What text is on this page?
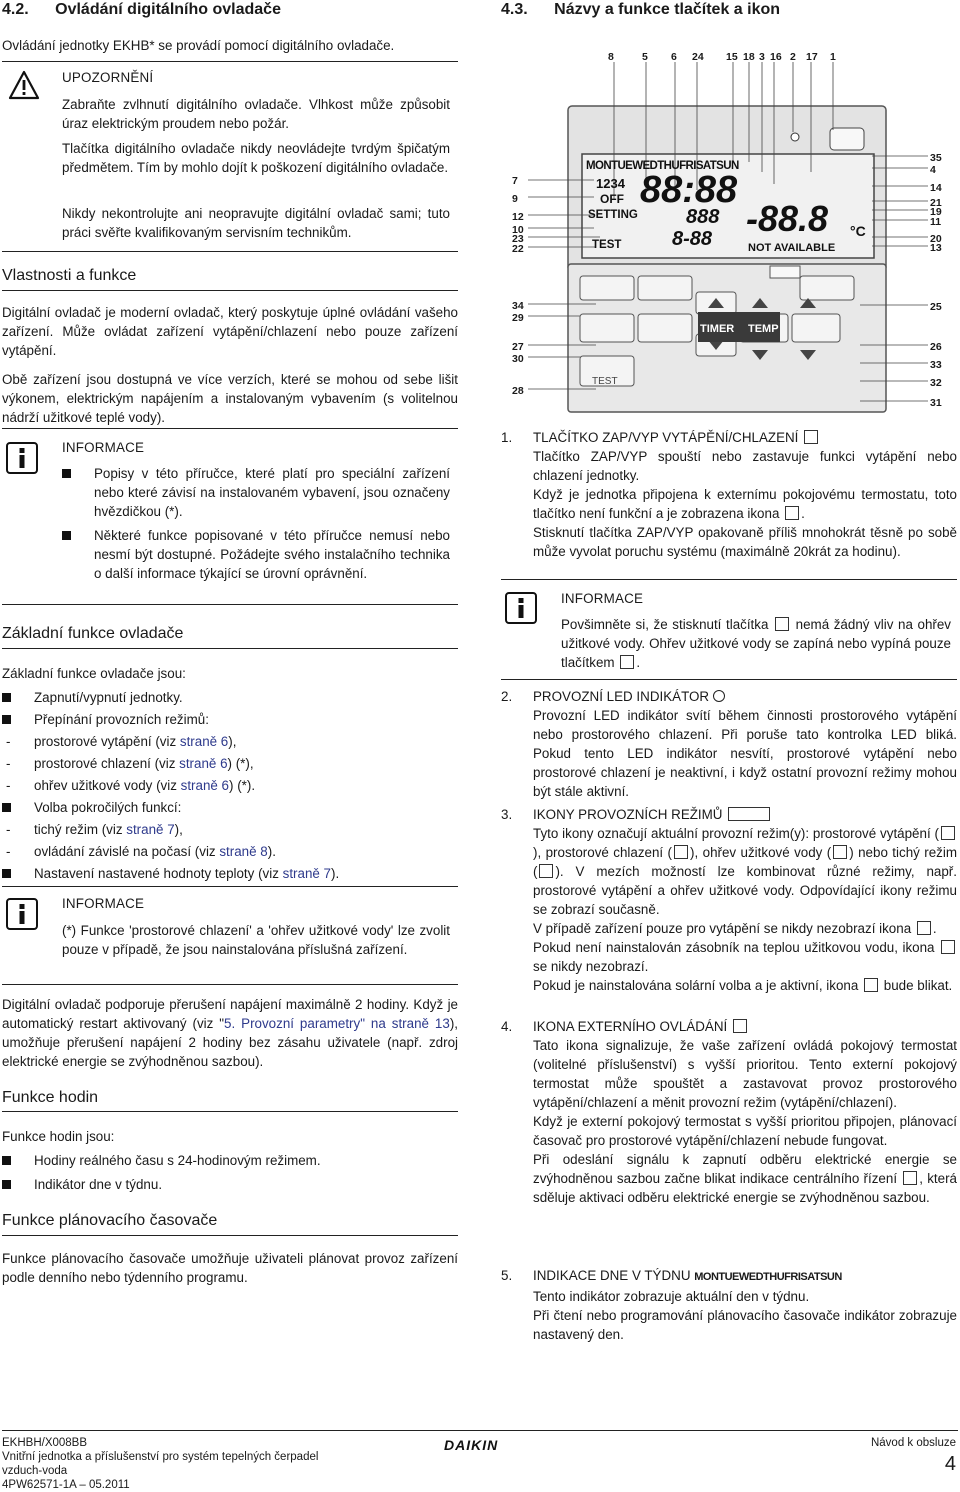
4.2. Ovládání digitálního ovladače

Ovládání jednotky EKHB* se provádí pomocí digitálního ovladače.

UPOZORNĚNÍ

Zabraňte zvlhnutí digitálního ovladače. Vlhkost může způsobit úraz elektrickým proudem nebo požár.

Tlačítka digitálního ovladače nikdy neovládejte tvrdým špičatým předmětem. Tím by mohlo dojít k poškození digitálního ovladače.

Nikdy nekontrolujte ani neopravujte digitální ovladač sami; tuto práci svěřte kvalifikovaným servisním technikům.

Vlastnosti a funkce

Digitální ovladač je moderní ovladač, který poskytuje úplné ovládání vašeho zařízení. Může ovládat zařízení vytápění/chlazení nebo pouze zařízení vytápění.

Obě zařízení jsou dostupná ve více verzích, které se mohou od sebe lišit výkonem, elektrickým napájením a instalovaným vybavením (s volitelnou nádrží užitkové teplé vody).

INFORMACE

Popisy v této příručce, které platí pro speciální zařízení nebo které závisí na instalovaném vybavení, jsou označeny hvězdičkou (*).
Některé funkce popisované v této příručce nemusí nebo nesmí být dostupné. Požádejte svého instalačního technika o další informace týkající se úrovní oprávnění.

Základní funkce ovladače

Základní funkce ovladače jsou:

Zapnutí/vypnutí jednotky.
Přepínání provozních režimů:
- prostorové vytápění (viz straně 6),
- prostorové chlazení (viz straně 6) (*),
- ohřev užitkové vody (viz straně 6) (*).
Volba pokročilých funkcí:
- tichý režim (viz straně 7),
- ovládání závislé na počasí (viz straně 8).
Nastavení nastavené hodnoty teploty (viz straně 7).

INFORMACE

(*) Funkce 'prostorové chlazení' a 'ohřev užitkové vody' lze zvolit pouze v případě, že jsou nainstalována příslušná zařízení.

Digitální ovladač podporuje přerušení napájení maximálně 2 hodiny. Když je automatický restart aktivovaný (viz "5. Provozní parametry" na straně 13), umožňuje přerušení napájení 2 hodiny bez zásahu uživatele (např. zdroj elektrické energie se zvýhodněnou sazbou).

Funkce hodin

Funkce hodin jsou:

Hodiny reálného času s 24-hodinovým režimem.
Indikátor dne v týdnu.

Funkce plánovacího časovače

Funkce plánovacího časovače umožňuje uživateli plánovat provoz zařízení podle denního nebo týdenního programu.

4.3. Názvy a funkce tlačítek a ikon
MONTUEWEDTHUFRISATSUN
1234
OFF
SETTING
TEST
88:88
888
8-88 -88.8 °C
NOT AVAILABLE
TIMER TEMP
TEST
8	5 6 24 15 18 3 16 2 17 1
7
9
12
10
23
22
35
4
14
21
19
11
20
13
34
29
27
30
28
25
26
33
32
31
1. TLAČÍTKO ZAP/VYP VYTÁPĚNÍ/CHLAZENÍ

Tlačítko ZAP/VYP spouští nebo zastavuje funkci vytápění nebo chlazení jednotky.

Když je jednotka připojena k externímu pokojovému termostatu, toto tlačítko není funkční a je zobrazena ikona .

Stisknutí tlačítka ZAP/VYP opakovaně příliš mnohokrát těsně po sobě může vyvolat poruchu systému (maximálně 20krát za hodinu).

INFORMACE

Povšimněte si, že stisknutí tlačítka nemá žádný vliv na ohřev užitkové vody. Ohřev užitkové vody se zapíná nebo vypíná pouze tlačítkem .

2. PROVOZNÍ LED INDIKÁTOR

Provozní LED indikátor svítí během činnosti prostorového vytápění nebo prostorového chlazení. Při poruše tato kontrolka LED bliká. Pokud tento LED indikátor nesvítí, prostorové vytápění nebo prostorové chlazení je neaktivní, i když ostatní provozní režimy mohou být stále aktivní.

3. IKONY PROVOZNÍCH REŽIMŮ

Tyto ikony označují aktuální provozní režim(y): prostorové vytápění (), prostorové chlazení ( ), ohřev užitkové vody ( ) nebo tichý režim ( ). V mezích možností lze kombinovat různé režimy, např. prostorové vytápění a ohřev užitkové vody. Odpovídající ikony režimu se zobrazí současně.

V případě zařízení pouze pro vytápění se nikdy nezobrazí ikona .

Pokud není nainstalován zásobník na teplou užitkovou vodu, ikona  se nikdy nezobrazí.

Pokud je nainstalována solární volba a je aktivní, ikona bude blikat.

4. IKONA EXTERNÍHO OVLÁDÁNÍ

Tato ikona signalizuje, že vaše zařízení ovládá pokojový termostat (volitelné příslušenství) s vyšší prioritou. Tento externí pokojový termostat může spouštět a zastavovat provoz prostorového vytápění/chlazení a měnit provozní režim (vytápění/chlazení).

Když je externí pokojový termostat s vyšší prioritou připojen, plánovací časovač pro prostorové vytápění/chlazení nebude fungovat.

Při odeslání signálu k zapnutí odběru elektrické energie se zvýhodněnou sazbou začne blikat indikace centrálního řízení , která sděluje aktivaci odběru elektrické energie se zvýhodněnou sazbou.

5. INDIKACE DNE V TÝDNU MONTUEWEDTHUFRISATSUN

Tento indikátor zobrazuje aktuální den v týdnu.

Při čtení nebo programování plánovacího časovače indikátor zobrazuje nastavený den.

EKHBH/X008BB
Vnitřní jednotka a příslušenství pro systém tepelných čerpadel
vzduch-voda
4PW62571-1A – 05.2011
DAIKIN	Návod k obsluze
4
